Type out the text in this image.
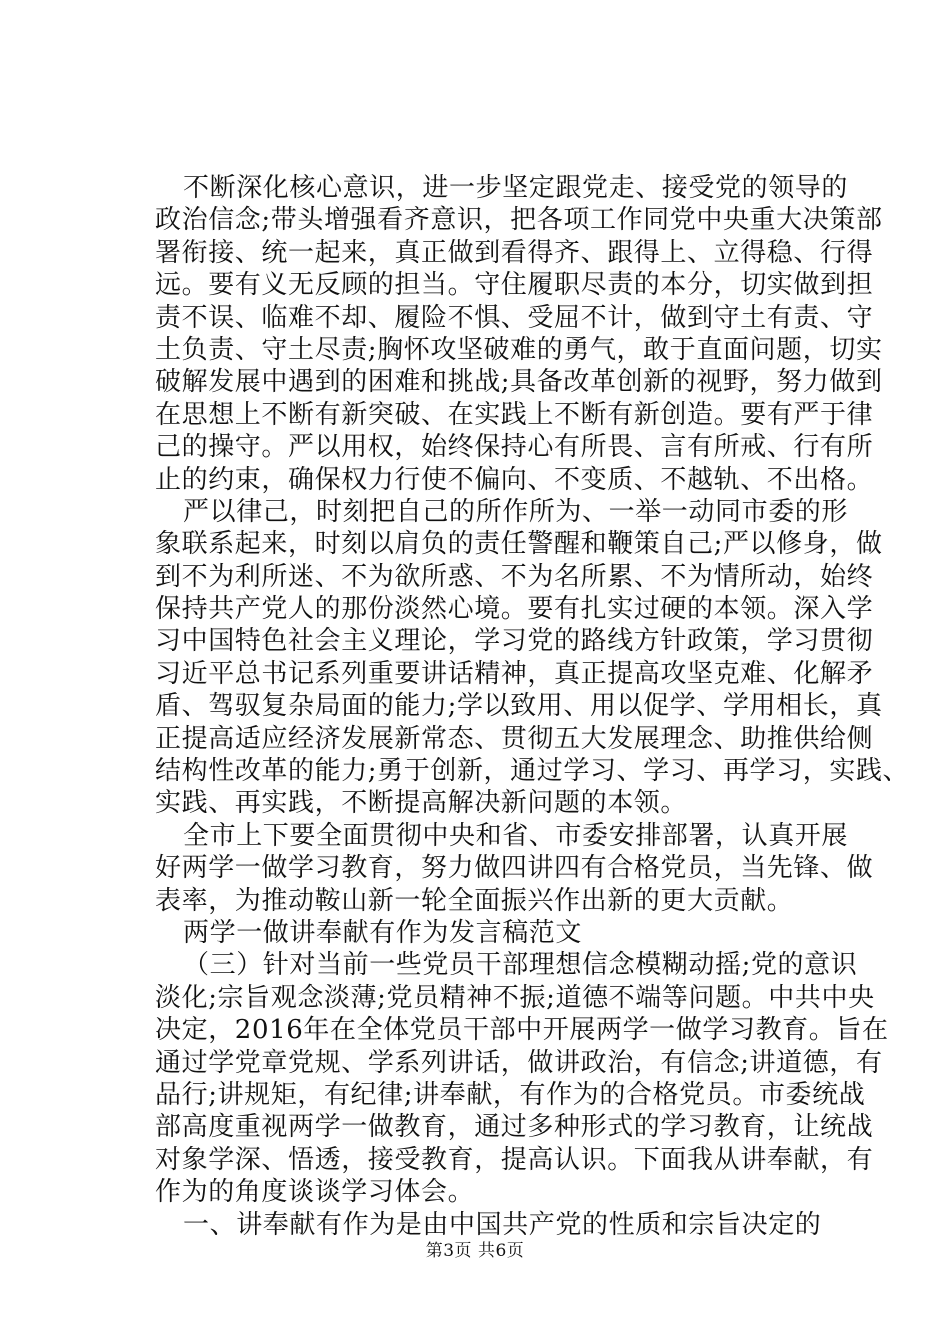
不断深化核心意识，进一步坚定跟党走、接受党的领导的
政治信念;带头增强看齐意识，把各项工作同党中央重大决策部
署衔接、统一起来，真正做到看得齐、跟得上、立得稳、行得
远。要有义无反顾的担当。守住履职尽责的本分，切实做到担
责不误、临难不却、履险不惧、受屈不计，做到守土有责、守
土负责、守土尽责;胸怀攻坚破难的勇气，敢于直面问题，切实
破解发展中遇到的困难和挑战;具备改革创新的视野，努力做到
在思想上不断有新突破、在实践上不断有新创造。要有严于律
己的操守。严以用权，始终保持心有所畏、言有所戒、行有所
止的约束，确保权力行使不偏向、不变质、不越轨、不出格。
严以律己，时刻把自己的所作所为、一举一动同市委的形
象联系起来，时刻以肩负的责任警醒和鞭策自己;严以修身，做
到不为利所迷、不为欲所惑、不为名所累、不为情所动，始终
保持共产党人的那份淡然心境。要有扎实过硬的本领。深入学
习中国特色社会主义理论，学习党的路线方针政策，学习贯彻
习近平总书记系列重要讲话精神，真正提高攻坚克难、化解矛
盾、驾驭复杂局面的能力;学以致用、用以促学、学用相长，真
正提高适应经济发展新常态、贯彻五大发展理念、助推供给侧
结构性改革的能力;勇于创新，通过学习、学习、再学习，实践、
实践、再实践，不断提高解决新问题的本领。
全市上下要全面贯彻中央和省、市委安排部署，认真开展
好两学一做学习教育，努力做四讲四有合格党员，当先锋、做
表率，为推动鞍山新一轮全面振兴作出新的更大贡献。
两学一做讲奉献有作为发言稿范文
（三）针对当前一些党员干部理想信念模糊动摇;党的意识
淡化;宗旨观念淡薄;党员精神不振;道德不端等问题。中共中央
决定，2016年在全体党员干部中开展两学一做学习教育。旨在
通过学党章党规、学系列讲话，做讲政治，有信念;讲道德，有
品行;讲规矩，有纪律;讲奉献，有作为的合格党员。市委统战
部高度重视两学一做教育，通过多种形式的学习教育，让统战
对象学深、悟透，接受教育，提高认识。下面我从讲奉献，有
作为的角度谈谈学习体会。
一、讲奉献有作为是由中国共产党的性质和宗旨决定的
第3页 共6页
